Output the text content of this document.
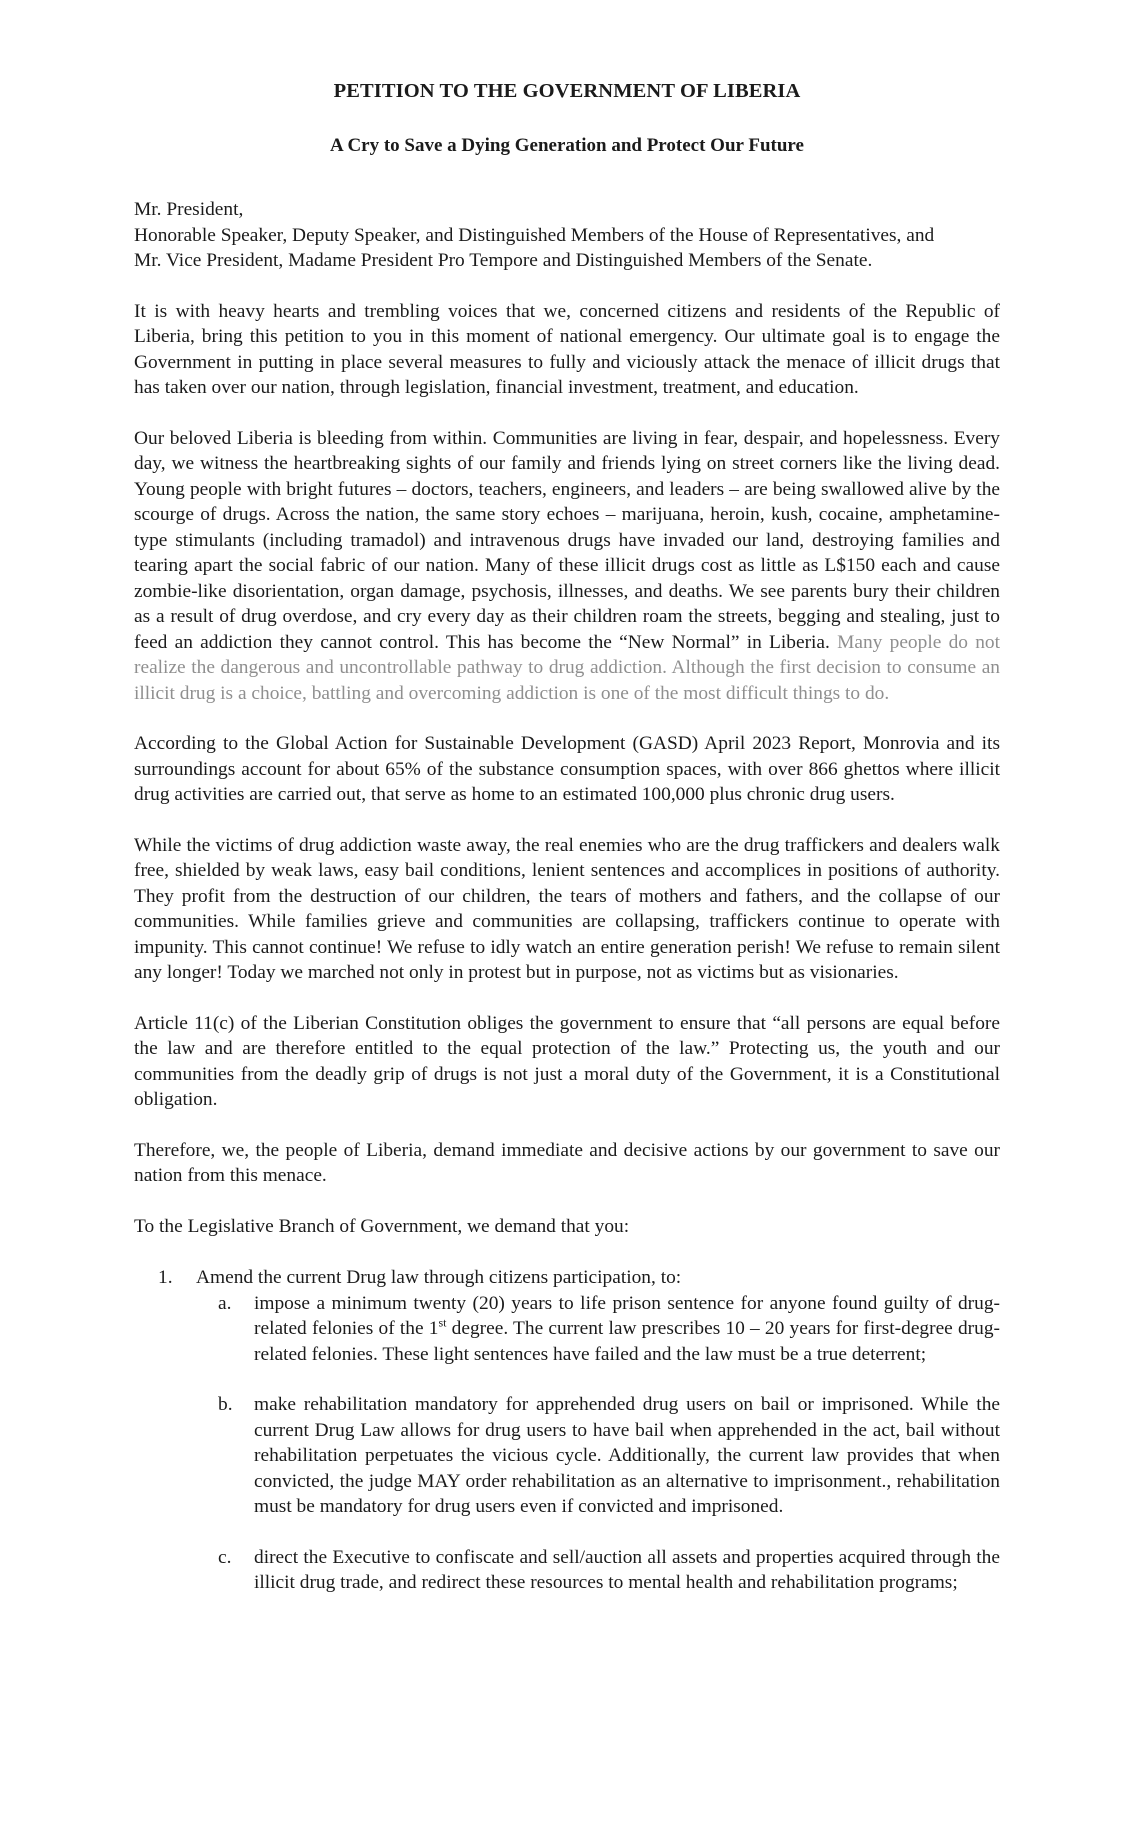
PETITION TO THE GOVERNMENT OF LIBERIA
A Cry to Save a Dying Generation and Protect Our Future
Mr. President,
Honorable Speaker, Deputy Speaker, and Distinguished Members of the House of Representatives, and
Mr. Vice President, Madame President Pro Tempore and Distinguished Members of the Senate.

It is with heavy hearts and trembling voices that we, concerned citizens and residents of the Republic of Liberia, bring this petition to you in this moment of national emergency. Our ultimate goal is to engage the Government in putting in place several measures to fully and viciously attack the menace of illicit drugs that has taken over our nation, through legislation, financial investment, treatment, and education.

Our beloved Liberia is bleeding from within. Communities are living in fear, despair, and hopelessness. Every day, we witness the heartbreaking sights of our family and friends lying on street corners like the living dead. Young people with bright futures – doctors, teachers, engineers, and leaders – are being swallowed alive by the scourge of drugs. Across the nation, the same story echoes – marijuana, heroin, kush, cocaine, amphetamine-type stimulants (including tramadol) and intravenous drugs have invaded our land, destroying families and tearing apart the social fabric of our nation. Many of these illicit drugs cost as little as L$150 each and cause zombie-like disorientation, organ damage, psychosis, illnesses, and deaths. We see parents bury their children as a result of drug overdose, and cry every day as their children roam the streets, begging and stealing, just to feed an addiction they cannot control. This has become the “New Normal” in Liberia. Many people do not realize the dangerous and uncontrollable pathway to drug addiction. Although the first decision to consume an illicit drug is a choice, battling and overcoming addiction is one of the most difficult things to do.

According to the Global Action for Sustainable Development (GASD) April 2023 Report, Monrovia and its surroundings account for about 65% of the substance consumption spaces, with over 866 ghettos where illicit drug activities are carried out, that serve as home to an estimated 100,000 plus chronic drug users.

While the victims of drug addiction waste away, the real enemies who are the drug traffickers and dealers walk free, shielded by weak laws, easy bail conditions, lenient sentences and accomplices in positions of authority. They profit from the destruction of our children, the tears of mothers and fathers, and the collapse of our communities. While families grieve and communities are collapsing, traffickers continue to operate with impunity. This cannot continue! We refuse to idly watch an entire generation perish! We refuse to remain silent any longer! Today we marched not only in protest but in purpose, not as victims but as visionaries.

Article 11(c) of the Liberian Constitution obliges the government to ensure that “all persons are equal before the law and are therefore entitled to the equal protection of the law.” Protecting us, the youth and our communities from the deadly grip of drugs is not just a moral duty of the Government, it is a Constitutional obligation.

Therefore, we, the people of Liberia, demand immediate and decisive actions by our government to save our nation from this menace.

To the Legislative Branch of Government, we demand that you:

1.	Amend the current Drug law through citizens participation, to:
a.	impose a minimum twenty (20) years to life prison sentence for anyone found guilty of drug-related felonies of the 1st degree. The current law prescribes 10 – 20 years for first-degree drug-related felonies. These light sentences have failed and the law must be a true deterrent;
b.	make rehabilitation mandatory for apprehended drug users on bail or imprisoned. While the current Drug Law allows for drug users to have bail when apprehended in the act, bail without rehabilitation perpetuates the vicious cycle. Additionally, the current law provides that when convicted, the judge MAY order rehabilitation as an alternative to imprisonment., rehabilitation must be mandatory for drug users even if convicted and imprisoned.
c.	direct the Executive to confiscate and sell/auction all assets and properties acquired through the illicit drug trade, and redirect these resources to mental health and rehabilitation programs;
